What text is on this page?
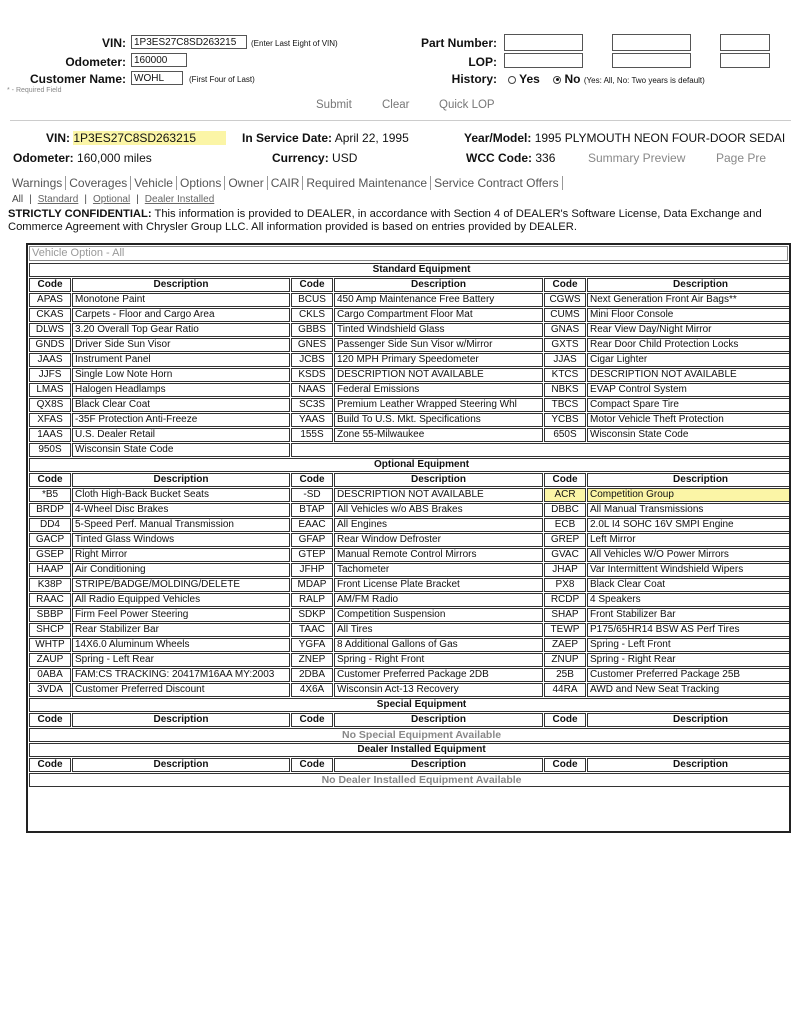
VIN: 1P3ES27C8SD263215	(Enter Last Eight of VIN)
Odometer: 160000
Customer Name: WOHL	(First Four of Last)
* - Required Field
Part Number:
LOP:
History:	Yes No (Yes: All, No: Two years is default)
Submit	Clear	Quick LOP
VIN: 1P3ES27C8SD263215	In Service Date: April 22, 1995	Year/Model: 1995 PLYMOUTH NEON FOUR-DOOR SEDAI
Odometer: 160,000 miles	Currency: USD	WCC Code: 336	Summary Preview	Page Pre
Warnings Coverages Vehicle Options Owner CAIR Required Maintenance Service Contract Offers
All | Standard | Optional | Dealer Installed
STRICTLY CONFIDENTIAL: This information is provided to DEALER, in accordance with Section 4 of DEALER's Software License, Data Exchange and Commerce Agreement with Chrysler Group LLC. All information provided is based on entries provided by DEALER.
Vehicle Option - All
Standard Equipment					
Code	Description	Code	Description	Code	Description
APAS	Monotone Paint	BCUS	450 Amp Maintenance Free Battery	CGWS	Next Generation Front Air Bags**
CKAS	Carpets - Floor and Cargo Area	CKLS	Cargo Compartment Floor Mat	CUMS	Mini Floor Console
DLWS	3.20 Overall Top Gear Ratio	GBBS	Tinted Windshield Glass	GNAS	Rear View Day/Night Mirror
GNDS	Driver Side Sun Visor	GNES	Passenger Side Sun Visor w/Mirror	GXTS	Rear Door Child Protection Locks
JAAS	Instrument Panel	JCBS	120 MPH Primary Speedometer	JJAS	Cigar Lighter
JJFS	Single Low Note Horn	KSDS	DESCRIPTION NOT AVAILABLE	KTCS	DESCRIPTION NOT AVAILABLE
LMAS	Halogen Headlamps	NAAS	Federal Emissions	NBKS	EVAP Control System
QX8S	Black Clear Coat	SC3S	Premium Leather Wrapped Steering Whl	TBCS	Compact Spare Tire
XFAS	-35F Protection Anti-Freeze	YAAS	Build To U.S. Mkt. Specifications	YCBS	Motor Vehicle Theft Protection
1AAS	U.S. Dealer Retail	155S	Zone 55-Milwaukee	650S	Wisconsin State Code
950S	Wisconsin State Code				
Optional Equipment					
Code	Description	Code	Description	Code	Description
*B5	Cloth High-Back Bucket Seats	-SD	DESCRIPTION NOT AVAILABLE	ACR	Competition Group
BRDP	4-Wheel Disc Brakes	BTAP	All Vehicles w/o ABS Brakes	DBBC	All Manual Transmissions
DD4	5-Speed Perf. Manual Transmission	EAAC	All Engines	ECB	2.0L I4 SOHC 16V SMPI Engine
GACP	Tinted Glass Windows	GFAP	Rear Window Defroster	GREP	Left Mirror
GSEP	Right Mirror	GTEP	Manual Remote Control Mirrors	GVAC	All Vehicles W/O Power Mirrors
HAAP	Air Conditioning	JFHP	Tachometer	JHAP	Var Intermittent Windshield Wipers
K38P	STRIPE/BADGE/MOLDING/DELETE	MDAP	Front License Plate Bracket	PX8	Black Clear Coat
RAAC	All Radio Equipped Vehicles	RALP	AM/FM Radio	RCDP	4 Speakers
SBBP	Firm Feel Power Steering	SDKP	Competition Suspension	SHAP	Front Stabilizer Bar
SHCP	Rear Stabilizer Bar	TAAC	All Tires	TEWP	P175/65HR14 BSW AS Perf Tires
WHTP	14X6.0 Aluminum Wheels	YGFA	8 Additional Gallons of Gas	ZAEP	Spring - Left Front
ZAUP	Spring - Left Rear	ZNEP	Spring - Right Front	ZNUP	Spring - Right Rear
0ABA	FAM:CS TRACKING: 20417M16AA MY:2003	2DBA	Customer Preferred Package 2DB	25B	Customer Preferred Package 25B
3VDA	Customer Preferred Discount	4X6A	Wisconsin Act-13 Recovery	44RA	AWD and New Seat Tracking
Special Equipment					
Code	Description	Code	Description	Code	Description
No Special Equipment Available					
Dealer Installed Equipment					
Code	Description	Code	Description	Code	Description
No Dealer Installed Equipment Available					
